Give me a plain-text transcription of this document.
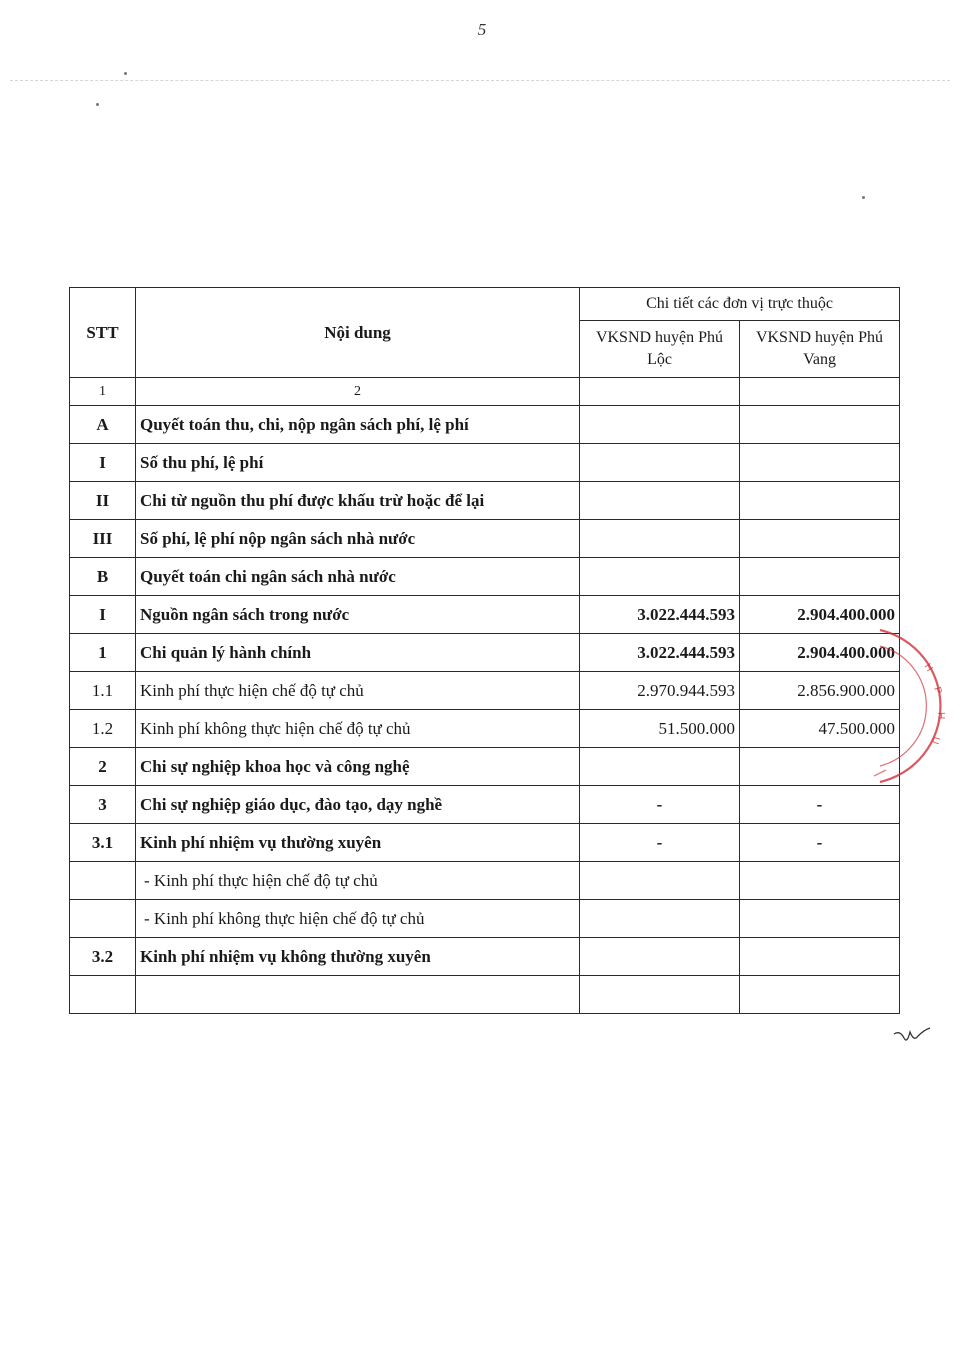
5
STT	Nội dung	Chi tiết các đơn vị trực thuộc	
		VKSND huyện Phú Lộc	VKSND huyện Phú Vang
1	2		
A	Quyết toán thu, chi, nộp ngân sách phí, lệ phí		
I	Số thu phí, lệ phí		
II	Chi từ nguồn thu phí được khấu trừ hoặc để lại		
III	Số phí, lệ phí nộp ngân sách nhà nước		
B	Quyết toán chi ngân sách nhà nước		
I	Nguồn ngân sách trong nước	3.022.444.593	2.904.400.000
1	Chi quản lý hành chính	3.022.444.593	2.904.400.000
1.1	Kinh phí thực hiện chế độ tự chủ	2.970.944.593	2.856.900.000
1.2	Kinh phí không thực hiện chế độ tự chủ	51.500.000	47.500.000
2	Chi sự nghiệp khoa học và công nghệ		
3	Chi sự nghiệp giáo dục, đào tạo, dạy nghề	-	-
3.1	Kinh phí nhiệm vụ thường xuyên	-	-
	- Kinh phí thực hiện chế độ tự chủ		
	- Kinh phí không thực hiện chế độ tự chủ		
3.2	Kinh phí nhiệm vụ không thường xuyên		

H
P
H
U
